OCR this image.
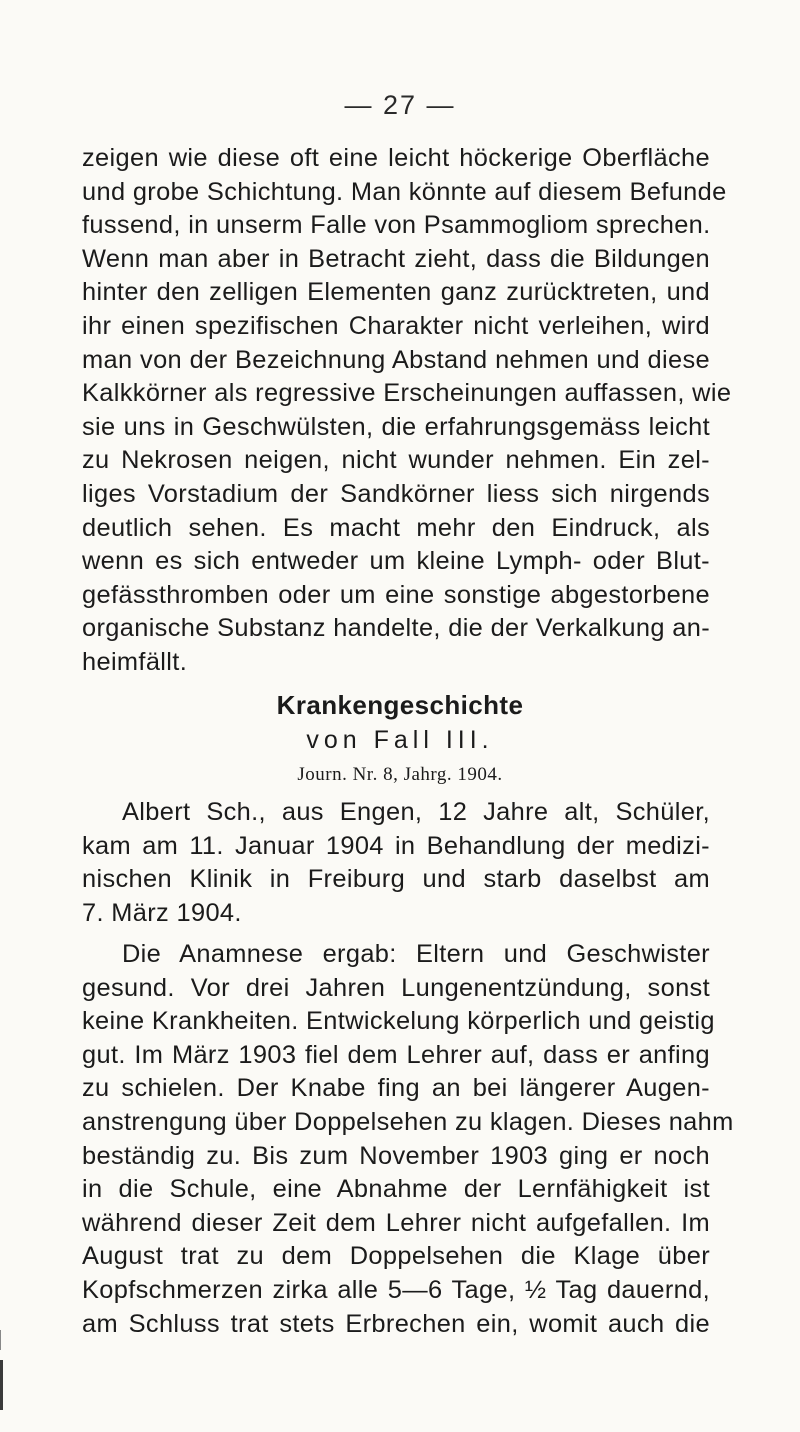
— 27 —
zeigen wie diese oft eine leicht höckerige Oberfläche
und grobe Schichtung. Man könnte auf diesem Befunde
fussend, in unserm Falle von Psammogliom sprechen.
Wenn man aber in Betracht zieht, dass die Bildungen
hinter den zelligen Elementen ganz zurücktreten, und
ihr einen spezifischen Charakter nicht verleihen, wird
man von der Bezeichnung Abstand nehmen und diese
Kalkkörner als regressive Erscheinungen auffassen, wie
sie uns in Geschwülsten, die erfahrungsgemäss leicht
zu Nekrosen neigen, nicht wunder nehmen. Ein zel-
liges Vorstadium der Sandkörner liess sich nirgends
deutlich sehen. Es macht mehr den Eindruck, als
wenn es sich entweder um kleine Lymph- oder Blut-
gefässthromben oder um eine sonstige abgestorbene
organische Substanz handelte, die der Verkalkung an-
heimfällt.
Krankengeschichte
von Fall III.
Journ. Nr. 8, Jahrg. 1904.
Albert Sch., aus Engen, 12 Jahre alt, Schüler,
kam am 11. Januar 1904 in Behandlung der medizi-
nischen Klinik in Freiburg und starb daselbst am
7. März 1904.
Die Anamnese ergab: Eltern und Geschwister
gesund. Vor drei Jahren Lungenentzündung, sonst
keine Krankheiten. Entwickelung körperlich und geistig
gut. Im März 1903 fiel dem Lehrer auf, dass er anfing
zu schielen. Der Knabe fing an bei längerer Augen-
anstrengung über Doppelsehen zu klagen. Dieses nahm
beständig zu. Bis zum November 1903 ging er noch
in die Schule, eine Abnahme der Lernfähigkeit ist
während dieser Zeit dem Lehrer nicht aufgefallen. Im
August trat zu dem Doppelsehen die Klage über
Kopfschmerzen zirka alle 5—6 Tage, ½ Tag dauernd,
am Schluss trat stets Erbrechen ein, womit auch die
